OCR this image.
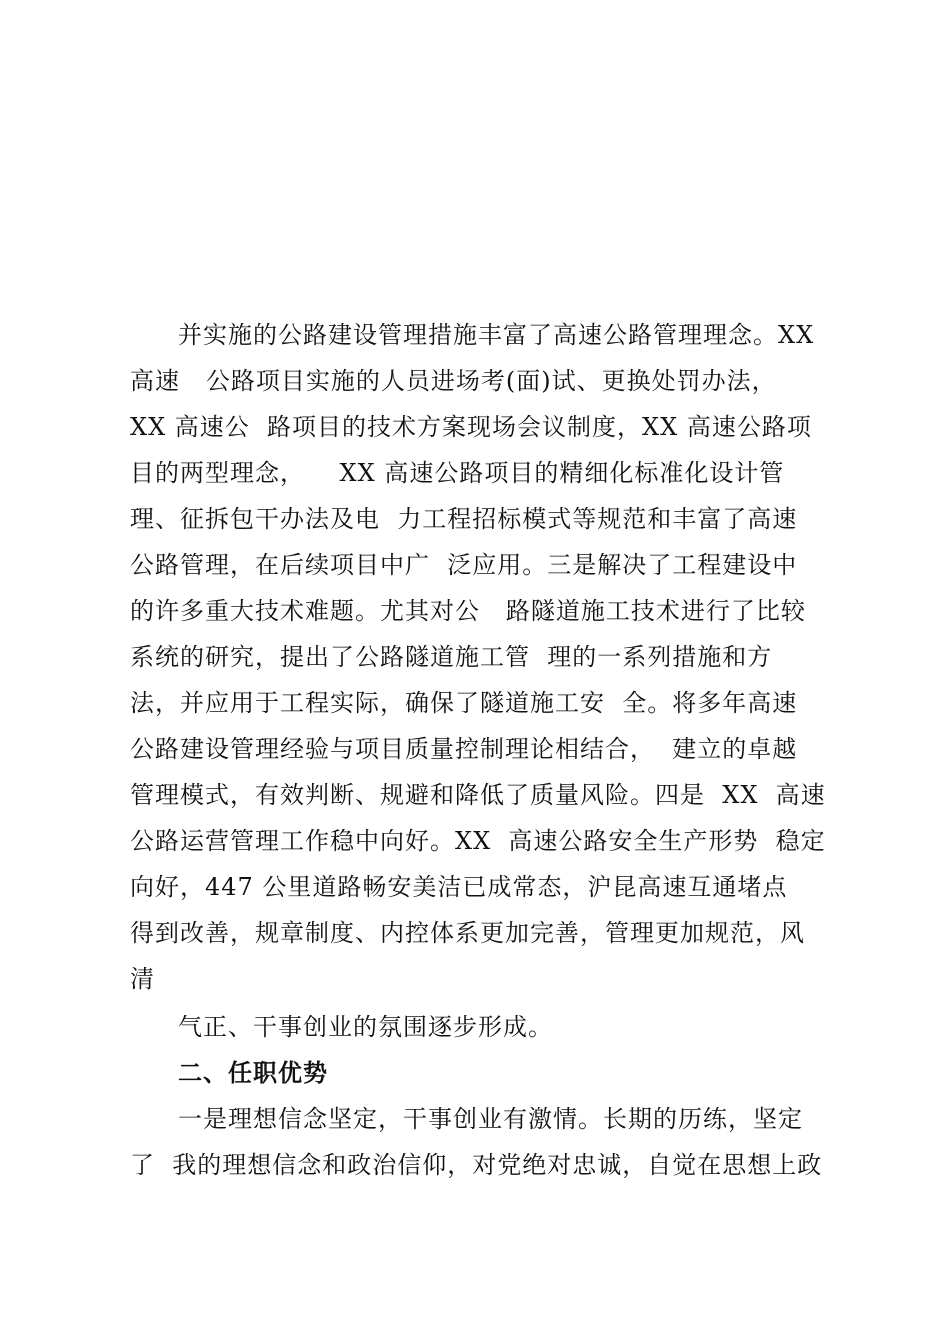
并实施的公路建设管理措施丰富了高速公路管理理念。XX
高速   公路项目实施的人员进场考(面)试、更换处罚办法，
XX 高速公  路项目的技术方案现场会议制度，XX 高速公路项
目的两型理念，    XX 高速公路项目的精细化标准化设计管
理、征拆包干办法及电  力工程招标模式等规范和丰富了高速
公路管理，在后续项目中广  泛应用。三是解决了工程建设中
的许多重大技术难题。尤其对公   路隧道施工技术进行了比较
系统的研究，提出了公路隧道施工管  理的一系列措施和方
法，并应用于工程实际，确保了隧道施工安  全。将多年高速
公路建设管理经验与项目质量控制理论相结合，  建立的卓越
管理模式，有效判断、规避和降低了质量风险。四是  XX  高速
公路运营管理工作稳中向好。XX  高速公路安全生产形势  稳定
向好，447 公里道路畅安美洁已成常态，沪昆高速互通堵点
得到改善，规章制度、内控体系更加完善，管理更加规范，风
清
气正、干事创业的氛围逐步形成。
二、任职优势
一是理想信念坚定，干事创业有激情。长期的历练，坚定
了  我的理想信念和政治信仰，对党绝对忠诚，自觉在思想上政
